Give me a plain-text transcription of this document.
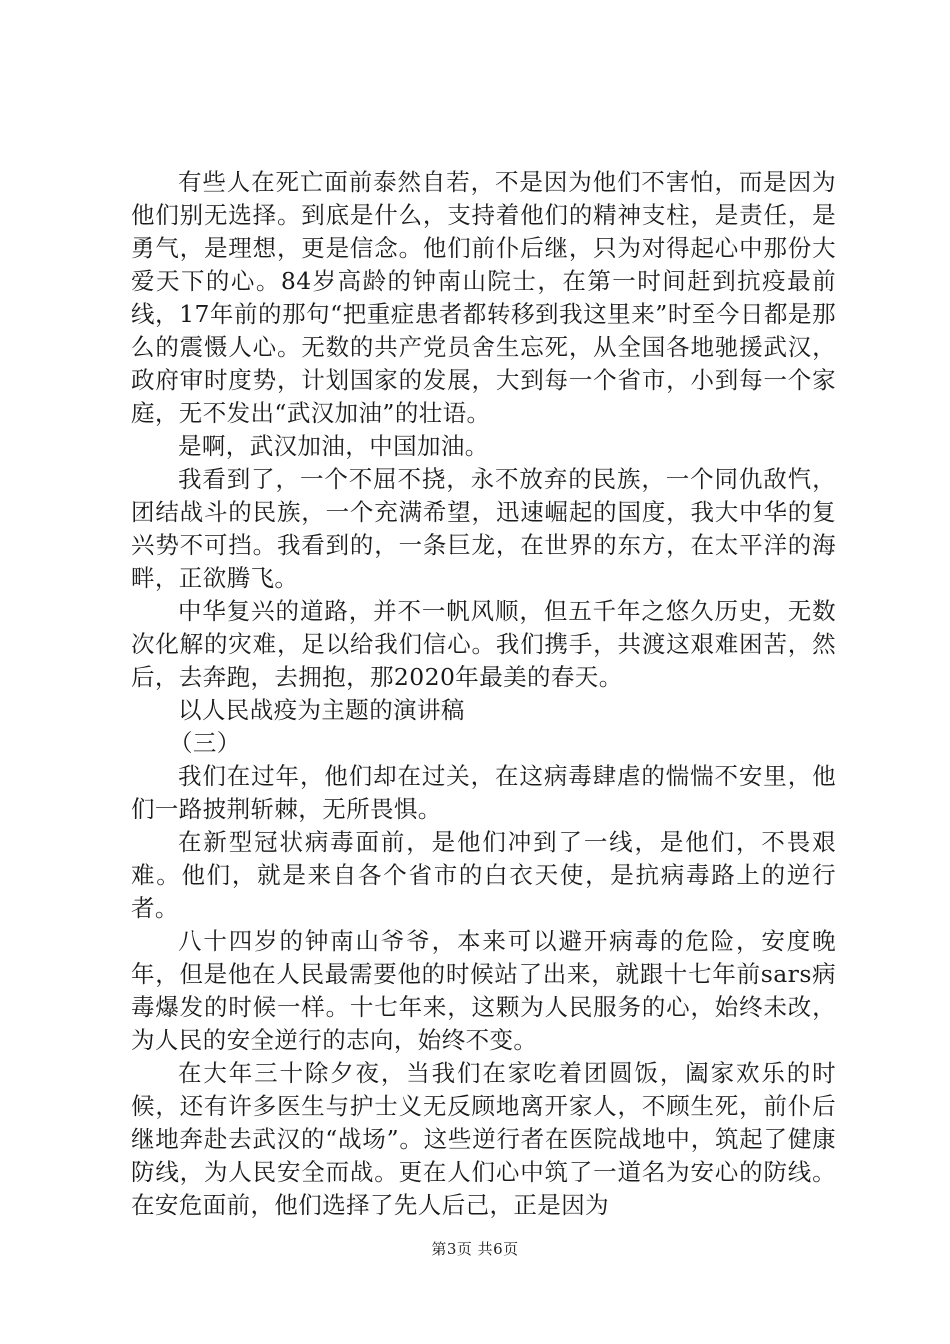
有些人在死亡面前泰然自若，不是因为他们不害怕，而是因为他们别无选择。到底是什么，支持着他们的精神支柱，是责任，是勇气，是理想，更是信念。他们前仆后继，只为对得起心中那份大爱天下的心。84岁高龄的钟南山院士，在第一时间赶到抗疫最前线，17年前的那句“把重症患者都转移到我这里来”时至今日都是那么的震慑人心。无数的共产党员舍生忘死，从全国各地驰援武汉，政府审时度势，计划国家的发展，大到每一个省市，小到每一个家庭，无不发出“武汉加油”的壮语。

是啊，武汉加油，中国加油。

我看到了，一个不屈不挠，永不放弃的民族，一个同仇敌忾，团结战斗的民族，一个充满希望，迅速崛起的国度，我大中华的复兴势不可挡。我看到的，一条巨龙，在世界的东方，在太平洋的海畔，正欲腾飞。

中华复兴的道路，并不一帆风顺，但五千年之悠久历史，无数次化解的灾难，足以给我们信心。我们携手，共渡这艰难困苦，然后，去奔跑，去拥抱，那2020年最美的春天。

以人民战疫为主题的演讲稿

（三）

我们在过年，他们却在过关，在这病毒肆虐的惴惴不安里，他们一路披荆斩棘，无所畏惧。

在新型冠状病毒面前，是他们冲到了一线，是他们，不畏艰难。他们，就是来自各个省市的白衣天使，是抗病毒路上的逆行者。

八十四岁的钟南山爷爷，本来可以避开病毒的危险，安度晚年，但是他在人民最需要他的时候站了出来，就跟十七年前sars病毒爆发的时候一样。十七年来，这颗为人民服务的心，始终未改，为人民的安全逆行的志向，始终不变。

在大年三十除夕夜，当我们在家吃着团圆饭，阖家欢乐的时候，还有许多医生与护士义无反顾地离开家人，不顾生死，前仆后继地奔赴去武汉的“战场”。这些逆行者在医院战地中，筑起了健康防线，为人民安全而战。更在人们心中筑了一道名为安心的防线。在安危面前，他们选择了先人后己，正是因为

第3页 共6页
